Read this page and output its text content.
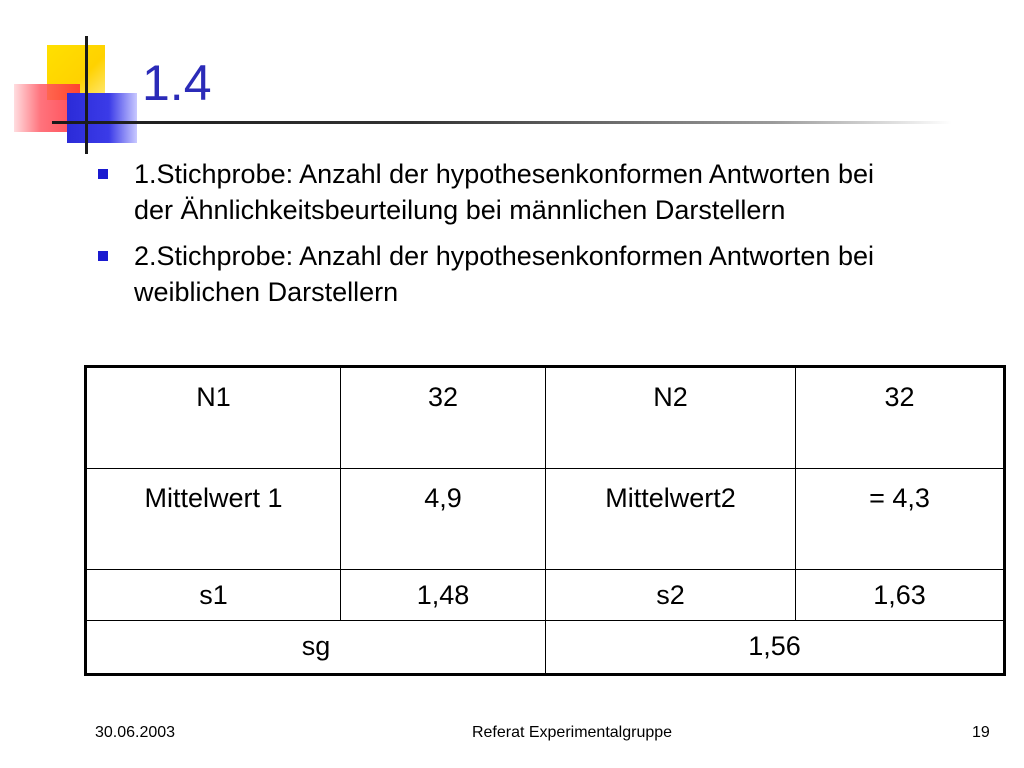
1.4
1.Stichprobe: Anzahl der hypothesenkonformen Antworten bei der Ähnlichkeitsbeurteilung bei männlichen Darstellern
2.Stichprobe: Anzahl der hypothesenkonformen Antworten bei weiblichen Darstellern
N1	32	N2	32
Mittelwert 1	4,9	Mittelwert2	= 4,3
s1	1,48	s2	1,63
sg		1,56	
30.06.2003	Referat Experimentalgruppe	19
